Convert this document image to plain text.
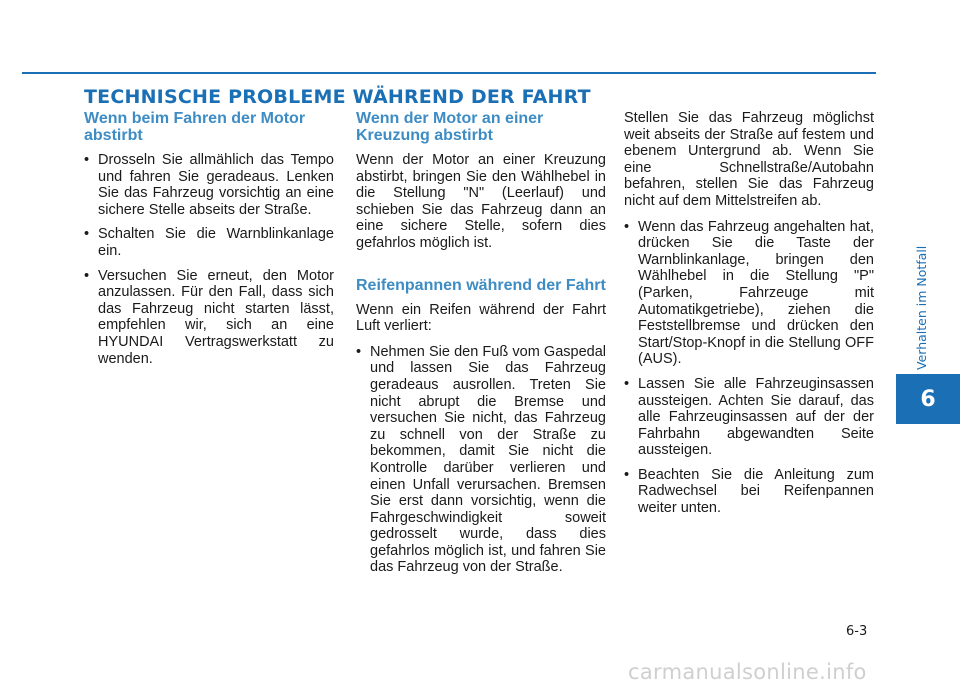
TECHNISCHE PROBLEME WÄHREND DER FAHRT
Wenn beim Fahren der Motor abstirbt
• Drosseln Sie allmählich das Tempo und fahren Sie geradeaus. Lenken Sie das Fahrzeug vorsichtig an eine sichere Stelle abseits der Straße.
• Schalten Sie die Warnblinkanlage ein.
• Versuchen Sie erneut, den Motor anzulassen. Für den Fall, dass sich das Fahrzeug nicht starten lässt, empfehlen wir, sich an eine HYUNDAI Vertragswerkstatt zu wenden.
Wenn der Motor an einer Kreuzung abstirbt

Wenn der Motor an einer Kreuzung abstirbt, bringen Sie den Wählhebel in die Stellung "N" (Leerlauf) und schieben Sie das Fahrzeug dann an eine sichere Stelle, sofern dies gefahrlos möglich ist.

Reifenpannen während der Fahrt

Wenn ein Reifen während der Fahrt Luft verliert:

• Nehmen Sie den Fuß vom Gaspedal und lassen Sie das Fahrzeug geradeaus ausrollen. Treten Sie nicht abrupt die Bremse und versuchen Sie nicht, das Fahrzeug zu schnell von der Straße zu bekommen, damit Sie nicht die Kontrolle darüber verlieren und einen Unfall verursachen. Bremsen Sie erst dann vorsichtig, wenn die Fahrgeschwindigkeit soweit gedrosselt wurde, dass dies gefahrlos möglich ist, und fahren Sie das Fahrzeug von der Straße.

Stellen Sie das Fahrzeug möglichst weit abseits der Straße auf festem und ebenem Untergrund ab. Wenn Sie eine Schnellstraße/Autobahn befahren, stellen Sie das Fahrzeug nicht auf dem Mittelstreifen ab.

• Wenn das Fahrzeug angehalten hat, drücken Sie die Taste der Warnblinkanlage, bringen den Wählhebel in die Stellung "P" (Parken, Fahrzeuge mit Automatikgetriebe), ziehen die Feststellbremse und drücken den Start/Stop-Knopf in die Stellung OFF (AUS).
• Lassen Sie alle Fahrzeuginsassen aussteigen. Achten Sie darauf, das alle Fahrzeuginsassen auf der der Fahrbahn abgewandten Seite aussteigen.
• Beachten Sie die Anleitung zum Radwechsel bei Reifenpannen weiter unten.
Verhalten im Notfall
6
6-3
carmanualsonline.info
